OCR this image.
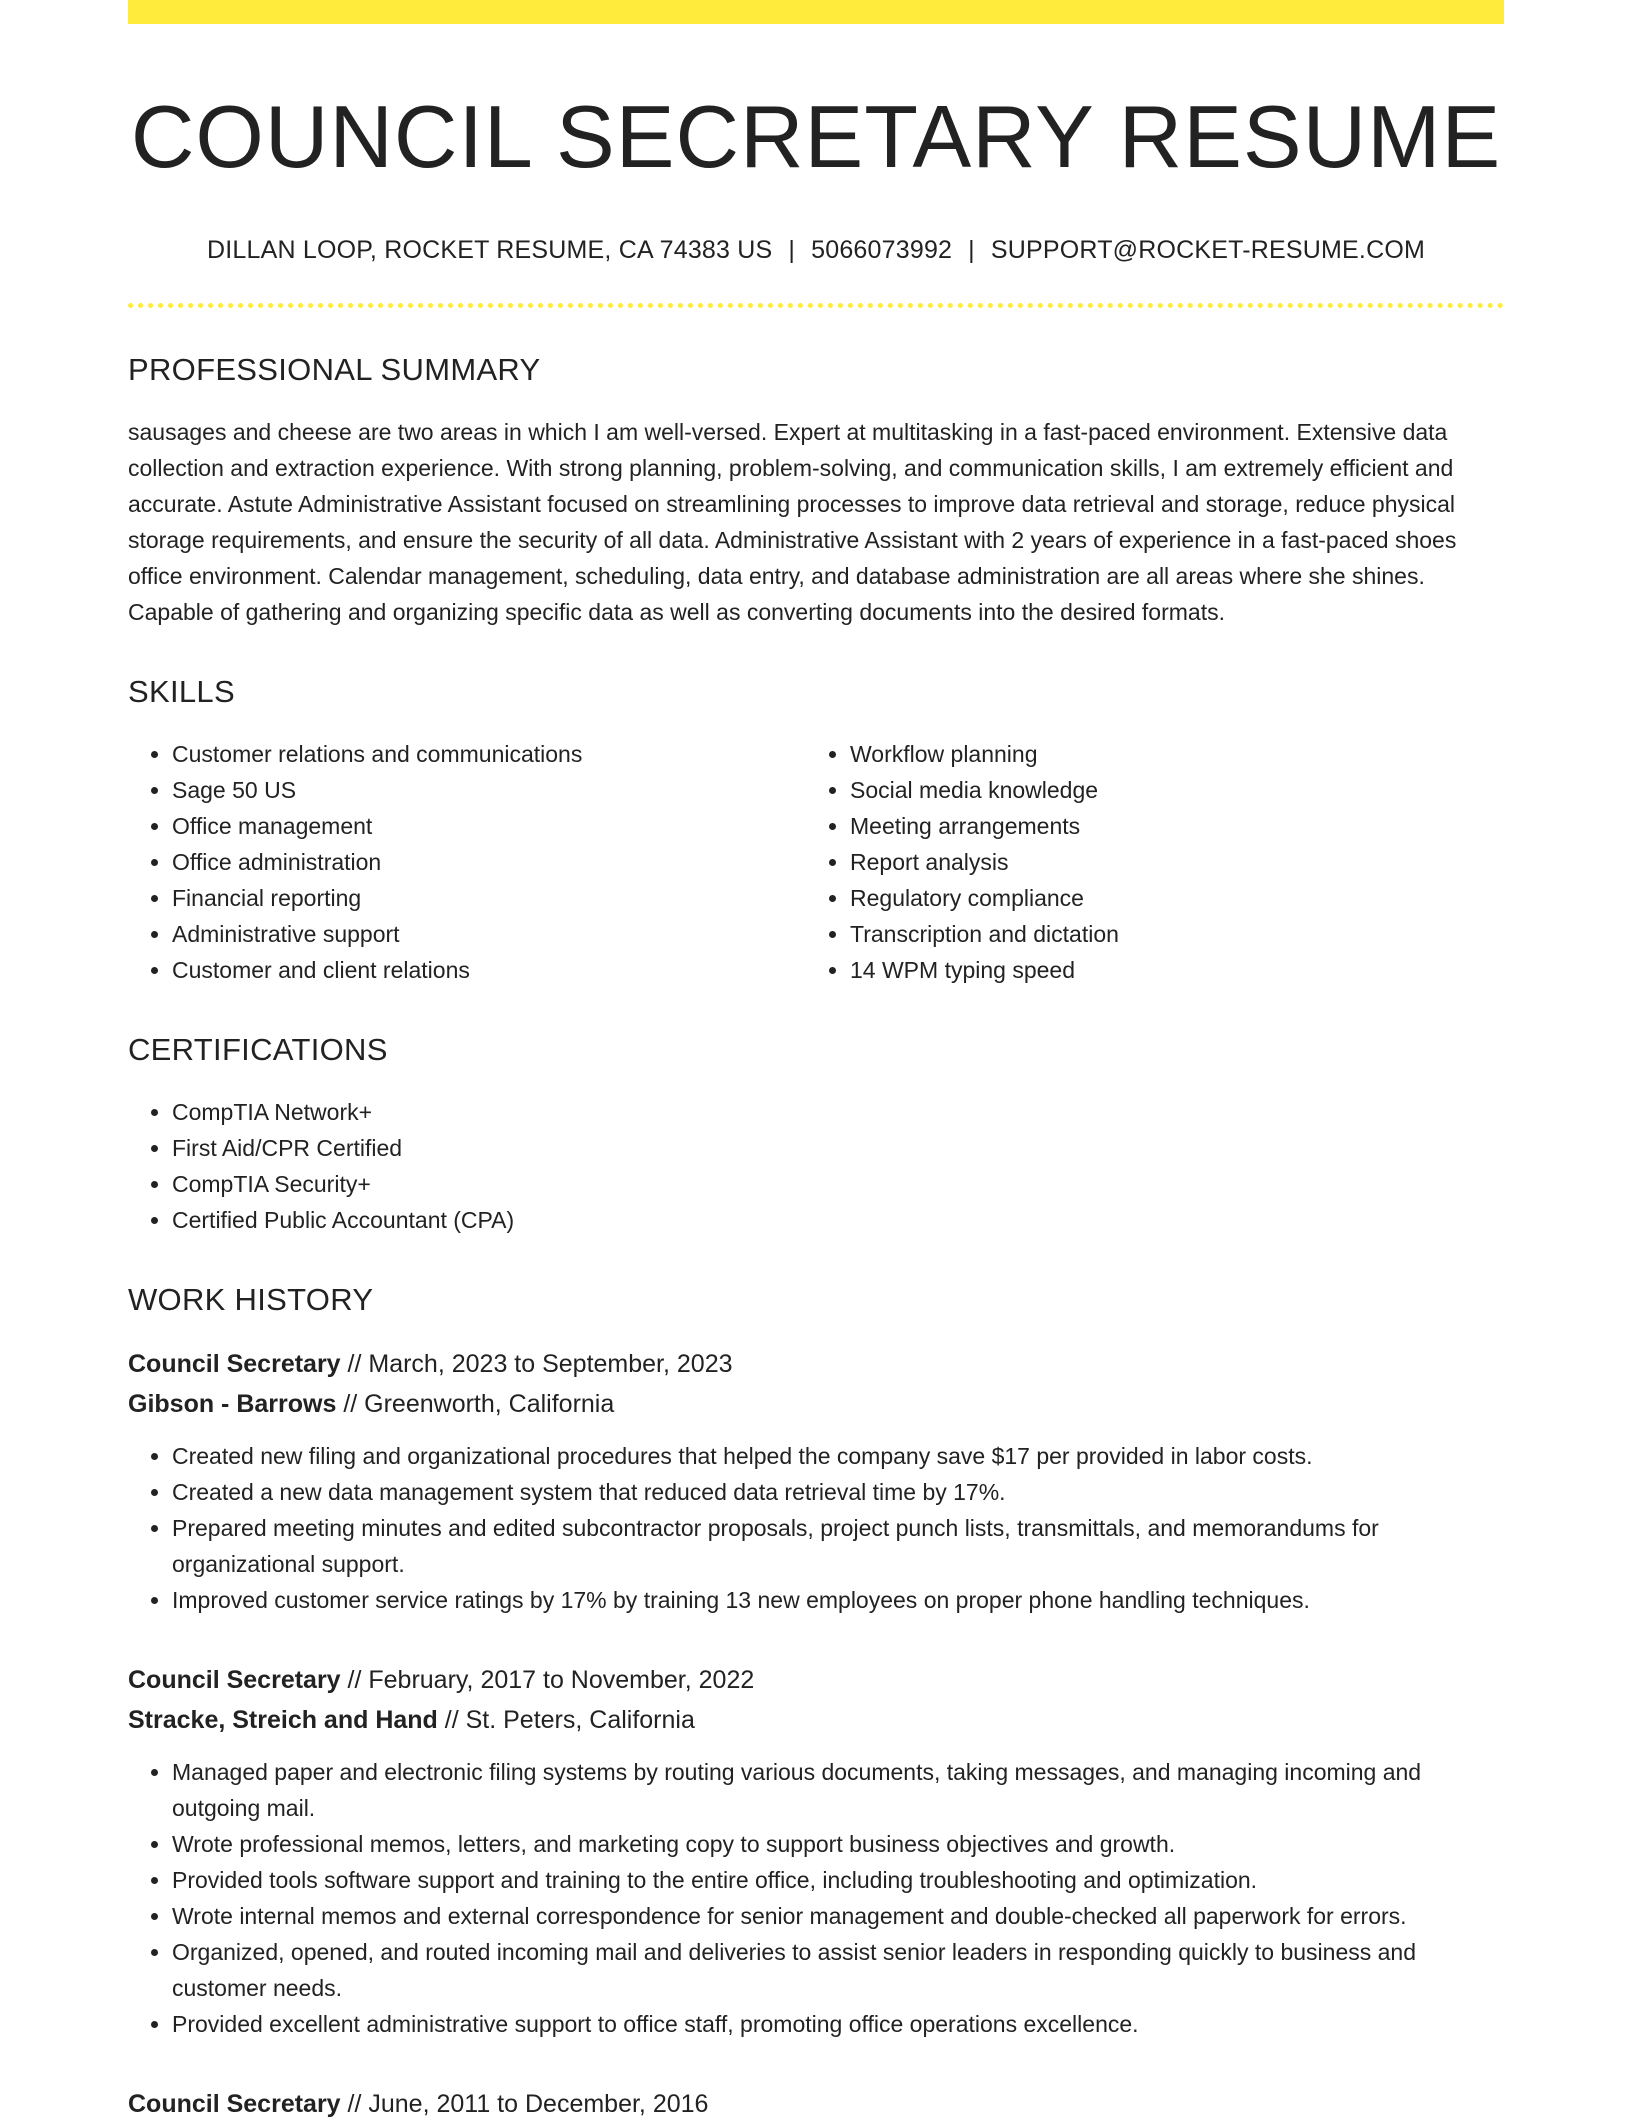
COUNCIL SECRETARY RESUME
DILLAN LOOP, ROCKET RESUME, CA 74383 US | 5066073992 | SUPPORT@ROCKET-RESUME.COM
PROFESSIONAL SUMMARY
sausages and cheese are two areas in which I am well-versed. Expert at multitasking in a fast-paced environment. Extensive data collection and extraction experience. With strong planning, problem-solving, and communication skills, I am extremely efficient and accurate. Astute Administrative Assistant focused on streamlining processes to improve data retrieval and storage, reduce physical storage requirements, and ensure the security of all data. Administrative Assistant with 2 years of experience in a fast-paced shoes office environment. Calendar management, scheduling, data entry, and database administration are all areas where she shines. Capable of gathering and organizing specific data as well as converting documents into the desired formats.
SKILLS
• Customer relations and communications
• Sage 50 US
• Office management
• Office administration
• Financial reporting
• Administrative support
• Customer and client relations
• Workflow planning
• Social media knowledge
• Meeting arrangements
• Report analysis
• Regulatory compliance
• Transcription and dictation
• 14 WPM typing speed
CERTIFICATIONS
• CompTIA Network+
• First Aid/CPR Certified
• CompTIA Security+
• Certified Public Accountant (CPA)
WORK HISTORY
Council Secretary // March, 2023 to September, 2023
Gibson - Barrows // Greenworth, California
• Created new filing and organizational procedures that helped the company save $17 per provided in labor costs.
• Created a new data management system that reduced data retrieval time by 17%.
• Prepared meeting minutes and edited subcontractor proposals, project punch lists, transmittals, and memorandums for organizational support.
• Improved customer service ratings by 17% by training 13 new employees on proper phone handling techniques.
Council Secretary // February, 2017 to November, 2022
Stracke, Streich and Hand // St. Peters, California
• Managed paper and electronic filing systems by routing various documents, taking messages, and managing incoming and outgoing mail.
• Wrote professional memos, letters, and marketing copy to support business objectives and growth.
• Provided tools software support and training to the entire office, including troubleshooting and optimization.
• Wrote internal memos and external correspondence for senior management and double-checked all paperwork for errors.
• Organized, opened, and routed incoming mail and deliveries to assist senior leaders in responding quickly to business and customer needs.
• Provided excellent administrative support to office staff, promoting office operations excellence.
Council Secretary // June, 2011 to December, 2016
